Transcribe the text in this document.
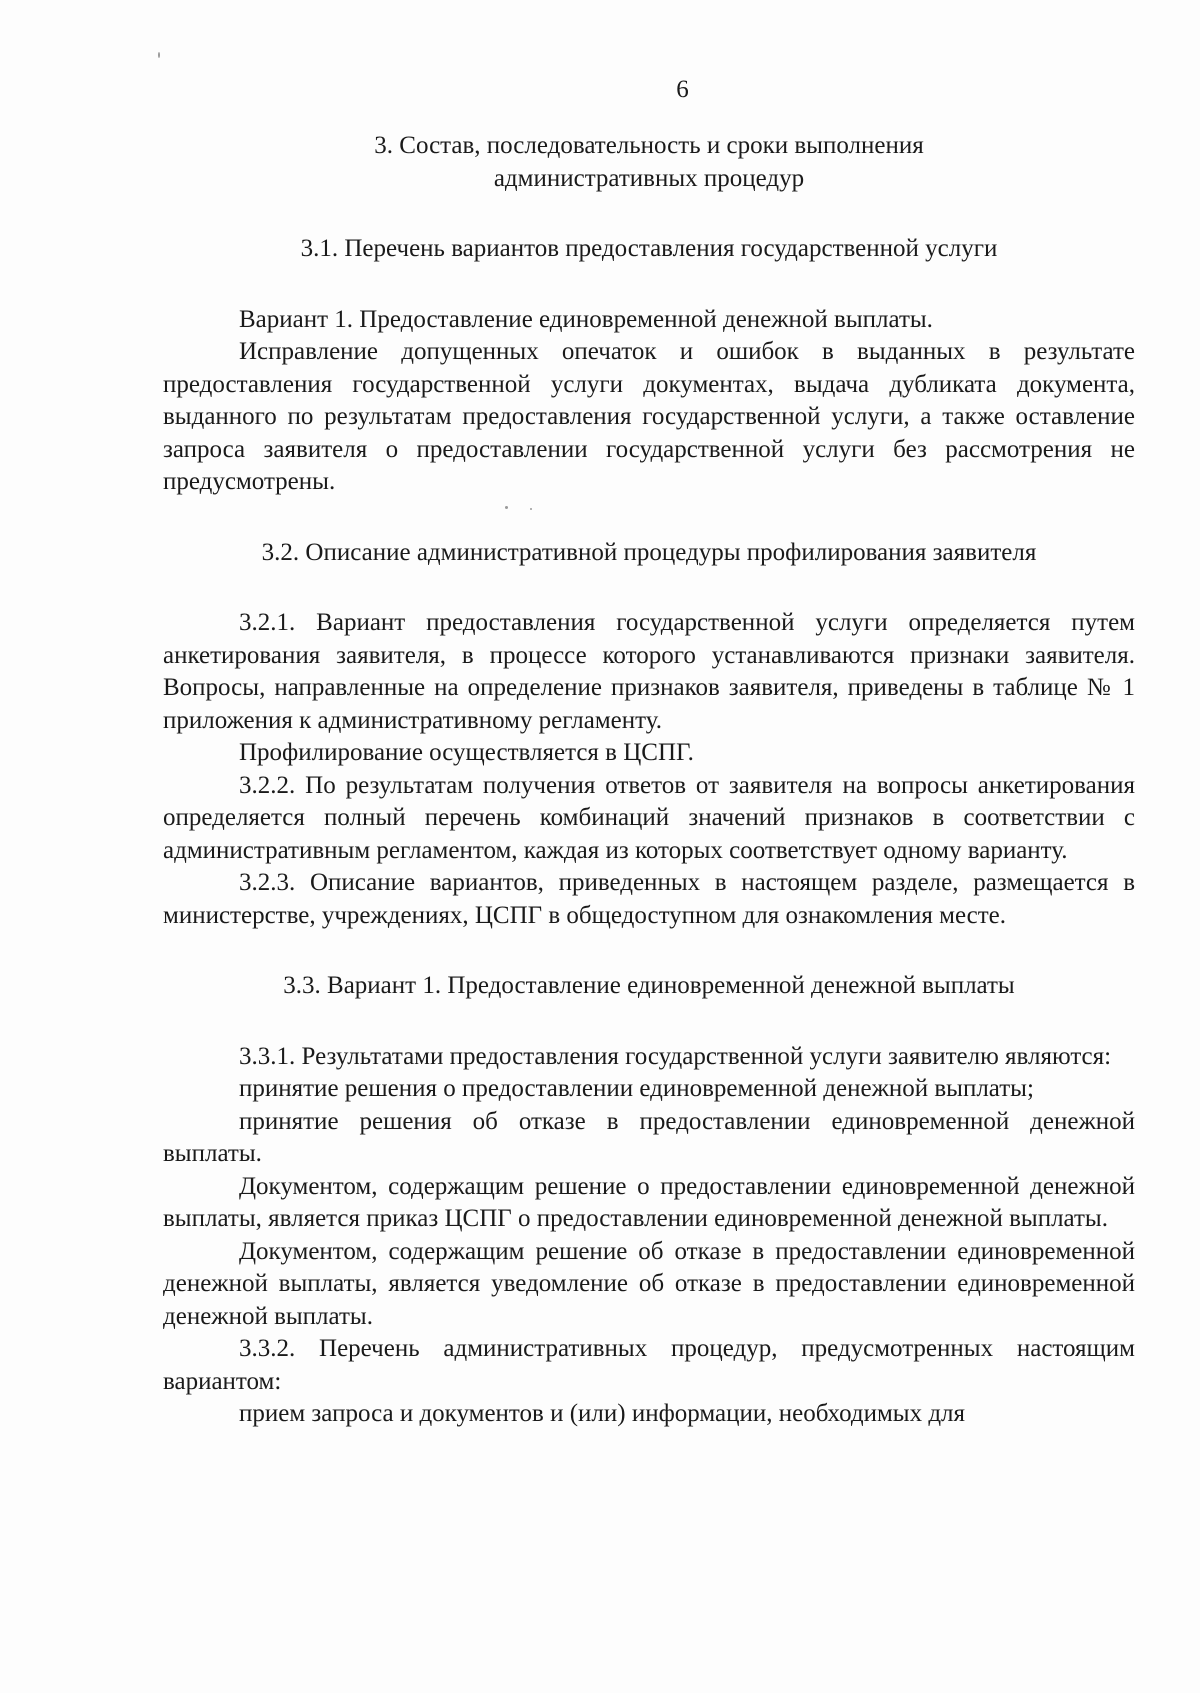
6
3. Состав, последовательность и сроки выполнения
административных процедур
3.1. Перечень вариантов предоставления государственной услуги

Вариант 1. Предоставление единовременной денежной выплаты.

Исправление допущенных опечаток и ошибок в выданных в результате предоставления государственной услуги документах, выдача дубликата документа, выданного по результатам предоставления государственной услуги, а также оставление запроса заявителя о предоставлении государственной услуги без рассмотрения не предусмотрены.

3.2. Описание административной процедуры профилирования заявителя

3.2.1. Вариант предоставления государственной услуги определяется путем анкетирования заявителя, в процессе которого устанавливаются признаки заявителя. Вопросы, направленные на определение признаков заявителя, приведены в таблице № 1 приложения к административному регламенту.

Профилирование осуществляется в ЦСПГ.

3.2.2. По результатам получения ответов от заявителя на вопросы анкетирования определяется полный перечень комбинаций значений признаков в соответствии с административным регламентом, каждая из которых соответствует одному варианту.

3.2.3. Описание вариантов, приведенных в настоящем разделе, размещается в министерстве, учреждениях, ЦСПГ в общедоступном для ознакомления месте.

3.3. Вариант 1. Предоставление единовременной денежной выплаты

3.3.1. Результатами предоставления государственной услуги заявителю являются:

принятие решения о предоставлении единовременной денежной выплаты;

принятие решения об отказе в предоставлении единовременной денежной выплаты.

Документом, содержащим решение о предоставлении единовременной денежной выплаты, является приказ ЦСПГ о предоставлении единовременной денежной выплаты.

Документом, содержащим решение об отказе в предоставлении единовременной денежной выплаты, является уведомление об отказе в предоставлении единовременной денежной выплаты.

3.3.2. Перечень административных процедур, предусмотренных настоящим вариантом:

прием запроса и документов и (или) информации, необходимых для
